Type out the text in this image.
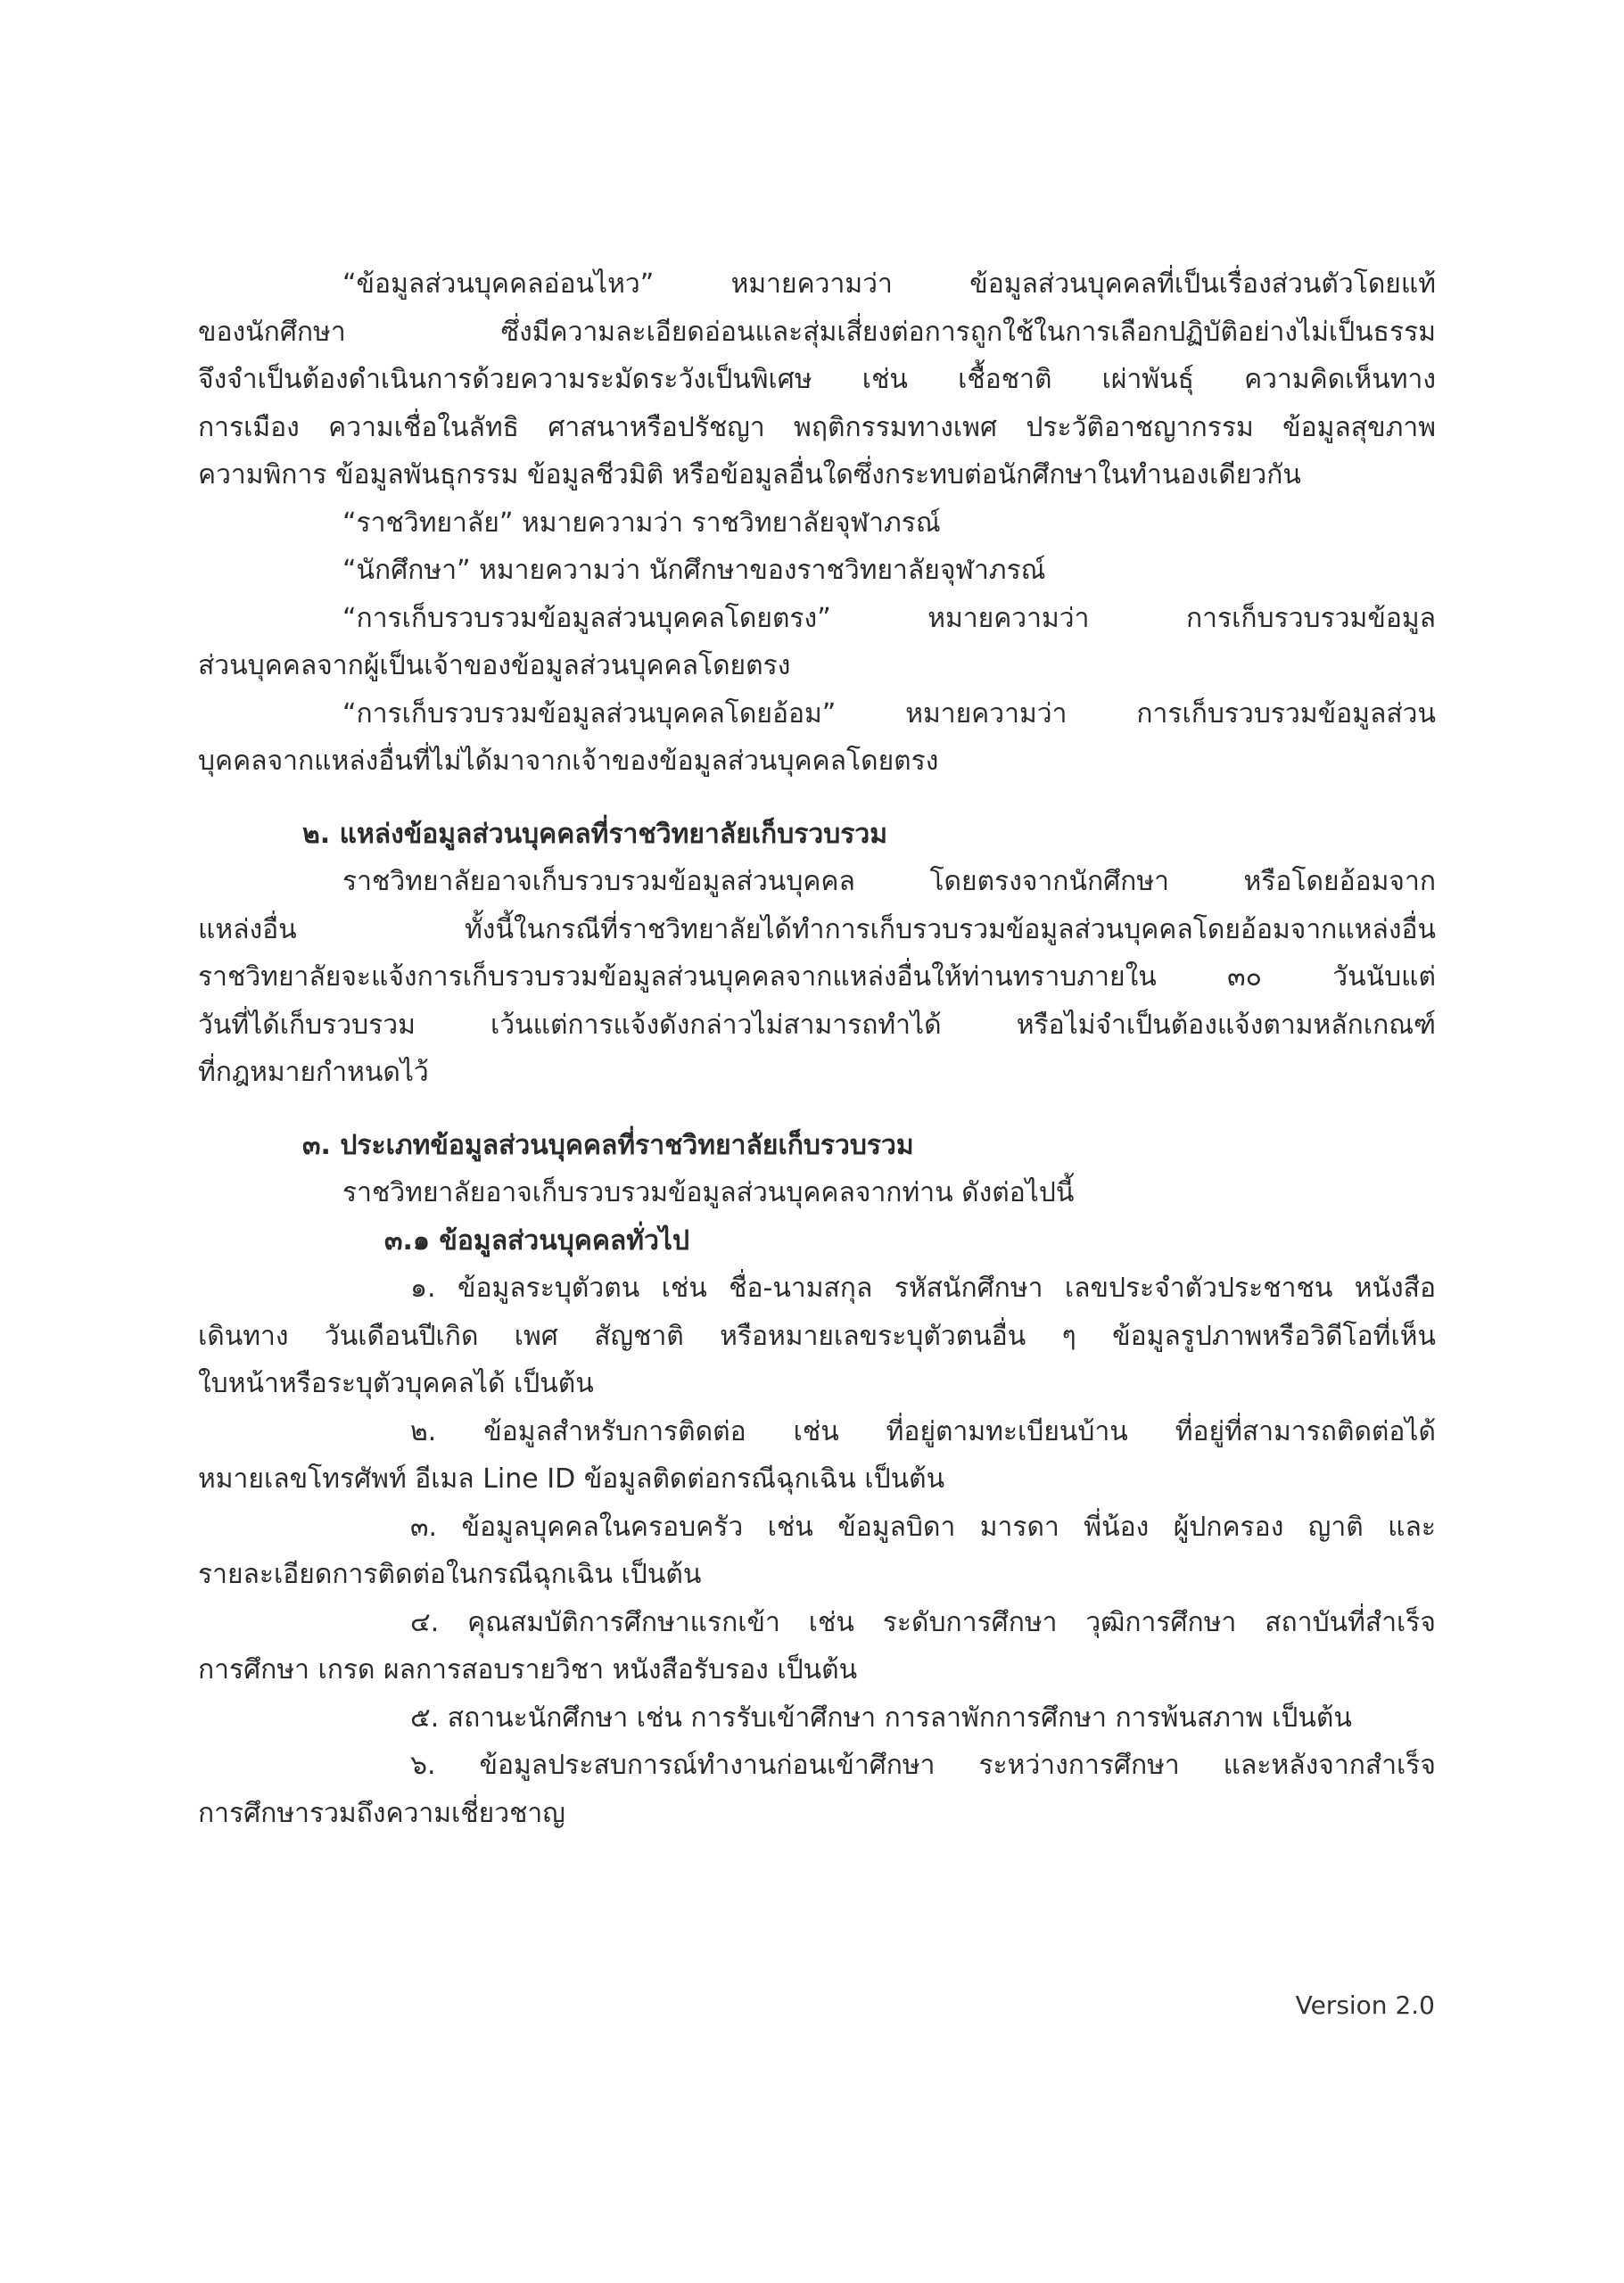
“ข้อมูลส่วนบุคคลอ่อนไหว” หมายความว่า ข้อมูลส่วนบุคคลที่เป็นเรื่องส่วนตัวโดยแท้
ของนักศึกษา ซึ่งมีความละเอียดอ่อนและสุ่มเสี่ยงต่อการถูกใช้ในการเลือกปฏิบัติอย่างไม่เป็นธรรม
จึงจำเป็นต้องดำเนินการด้วยความระมัดระวังเป็นพิเศษ เช่น เชื้อชาติ เผ่าพันธุ์ ความคิดเห็นทาง
การเมือง ความเชื่อในลัทธิ ศาสนาหรือปรัชญา พฤติกรรมทางเพศ ประวัติอาชญากรรม ข้อมูลสุขภาพ
ความพิการ ข้อมูลพันธุกรรม ข้อมูลชีวมิติ หรือข้อมูลอื่นใดซึ่งกระทบต่อนักศึกษาในทำนองเดียวกัน
“ราชวิทยาลัย” หมายความว่า ราชวิทยาลัยจุฬาภรณ์
“นักศึกษา” หมายความว่า นักศึกษาของราชวิทยาลัยจุฬาภรณ์
“การเก็บรวบรวมข้อมูลส่วนบุคคลโดยตรง” หมายความว่า การเก็บรวบรวมข้อมูล
ส่วนบุคคลจากผู้เป็นเจ้าของข้อมูลส่วนบุคคลโดยตรง
“การเก็บรวบรวมข้อมูลส่วนบุคคลโดยอ้อม” หมายความว่า การเก็บรวบรวมข้อมูลส่วน
บุคคลจากแหล่งอื่นที่ไม่ได้มาจากเจ้าของข้อมูลส่วนบุคคลโดยตรง
๒. แหล่งข้อมูลส่วนบุคคลที่ราชวิทยาลัยเก็บรวบรวม
ราชวิทยาลัยอาจเก็บรวบรวมข้อมูลส่วนบุคคล โดยตรงจากนักศึกษา หรือโดยอ้อมจาก
แหล่งอื่น ทั้งนี้ในกรณีที่ราชวิทยาลัยได้ทำการเก็บรวบรวมข้อมูลส่วนบุคคลโดยอ้อมจากแหล่งอื่น
ราชวิทยาลัยจะแจ้งการเก็บรวบรวมข้อมูลส่วนบุคคลจากแหล่งอื่นให้ท่านทราบภายใน ๓๐ วันนับแต่
วันที่ได้เก็บรวบรวม เว้นแต่การแจ้งดังกล่าวไม่สามารถทำได้ หรือไม่จำเป็นต้องแจ้งตามหลักเกณฑ์
ที่กฎหมายกำหนดไว้
๓. ประเภทข้อมูลส่วนบุคคลที่ราชวิทยาลัยเก็บรวบรวม
ราชวิทยาลัยอาจเก็บรวบรวมข้อมูลส่วนบุคคลจากท่าน ดังต่อไปนี้
๓.๑ ข้อมูลส่วนบุคคลทั่วไป
๑. ข้อมูลระบุตัวตน เช่น ชื่อ-นามสกุล รหัสนักศึกษา เลขประจำตัวประชาชน หนังสือ
เดินทาง วันเดือนปีเกิด เพศ สัญชาติ หรือหมายเลขระบุตัวตนอื่น ๆ ข้อมูลรูปภาพหรือวิดีโอที่เห็น
ใบหน้าหรือระบุตัวบุคคลได้ เป็นต้น
๒. ข้อมูลสำหรับการติดต่อ เช่น ที่อยู่ตามทะเบียนบ้าน ที่อยู่ที่สามารถติดต่อได้
หมายเลขโทรศัพท์ อีเมล Line ID ข้อมูลติดต่อกรณีฉุกเฉิน เป็นต้น
๓. ข้อมูลบุคคลในครอบครัว เช่น ข้อมูลบิดา มารดา พี่น้อง ผู้ปกครอง ญาติ และ
รายละเอียดการติดต่อในกรณีฉุกเฉิน เป็นต้น
๔. คุณสมบัติการศึกษาแรกเข้า เช่น ระดับการศึกษา วุฒิการศึกษา สถาบันที่สำเร็จ
การศึกษา เกรด ผลการสอบรายวิชา หนังสือรับรอง เป็นต้น
๕. สถานะนักศึกษา เช่น การรับเข้าศึกษา การลาพักการศึกษา การพ้นสภาพ เป็นต้น
๖. ข้อมูลประสบการณ์ทำงานก่อนเข้าศึกษา ระหว่างการศึกษา และหลังจากสำเร็จ
การศึกษารวมถึงความเชี่ยวชาญ
Version 2.0
